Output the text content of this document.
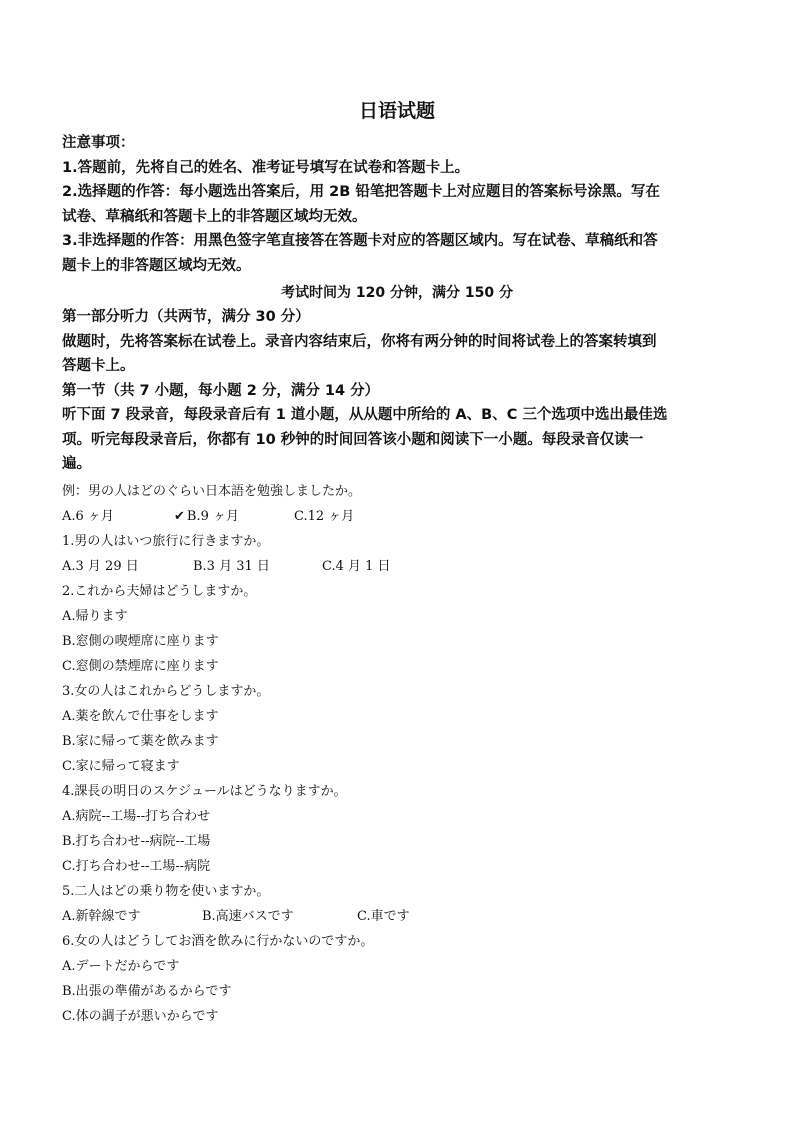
日语试题
注意事项：
1.答题前，先将自己的姓名、准考证号填写在试卷和答题卡上。
2.选择题的作答：每小题选出答案后，用 2B 铅笔把答题卡上对应题目的答案标号涂黑。写在
试卷、草稿纸和答题卡上的非答题区域均无效。
3.非选择题的作答：用黑色签字笔直接答在答题卡对应的答题区域内。写在试卷、草稿纸和答
题卡上的非答题区域均无效。
考试时间为 120 分钟，满分 150 分
第一部分听力（共两节，满分 30 分）
做题时，先将答案标在试卷上。录音内容结束后，你将有两分钟的时间将试卷上的答案转填到
答题卡上。
第一节（共 7 小题，每小题 2 分，满分 14 分）
听下面 7 段录音，每段录音后有 1 道小题，从从题中所给的 A、B、C 三个选项中选出最佳选
项。听完每段录音后，你都有 10 秒钟的时间回答该小题和阅读下一小题。每段录音仅读一
遍。
例：男の人はどのぐらい日本語を勉強しましたか。
A.6 ヶ月	✔ B.9 ヶ月	C.12 ヶ月
1.男の人はいつ旅行に行きますか。
A.3 月 29 日	B.3 月 31 日	C.4 月 1 日
2.これから夫婦はどうしますか。
A.帰ります
B.窓側の喫煙席に座ります
C.窓側の禁煙席に座ります
3.女の人はこれからどうしますか。
A.薬を飲んで仕事をします
B.家に帰って薬を飲みます
C.家に帰って寝ます
4.課長の明日のスケジュールはどうなりますか。
A.病院--工場--打ち合わせ
B.打ち合わせ--病院--工場
C.打ち合わせ--工場--病院
5.二人はどの乗り物を使いますか。
A.新幹線です	B.高速バスです	C.車です
6.女の人はどうしてお酒を飲みに行かないのですか。
A.デートだからです
B.出張の準備があるからです
C.体の調子が悪いからです
